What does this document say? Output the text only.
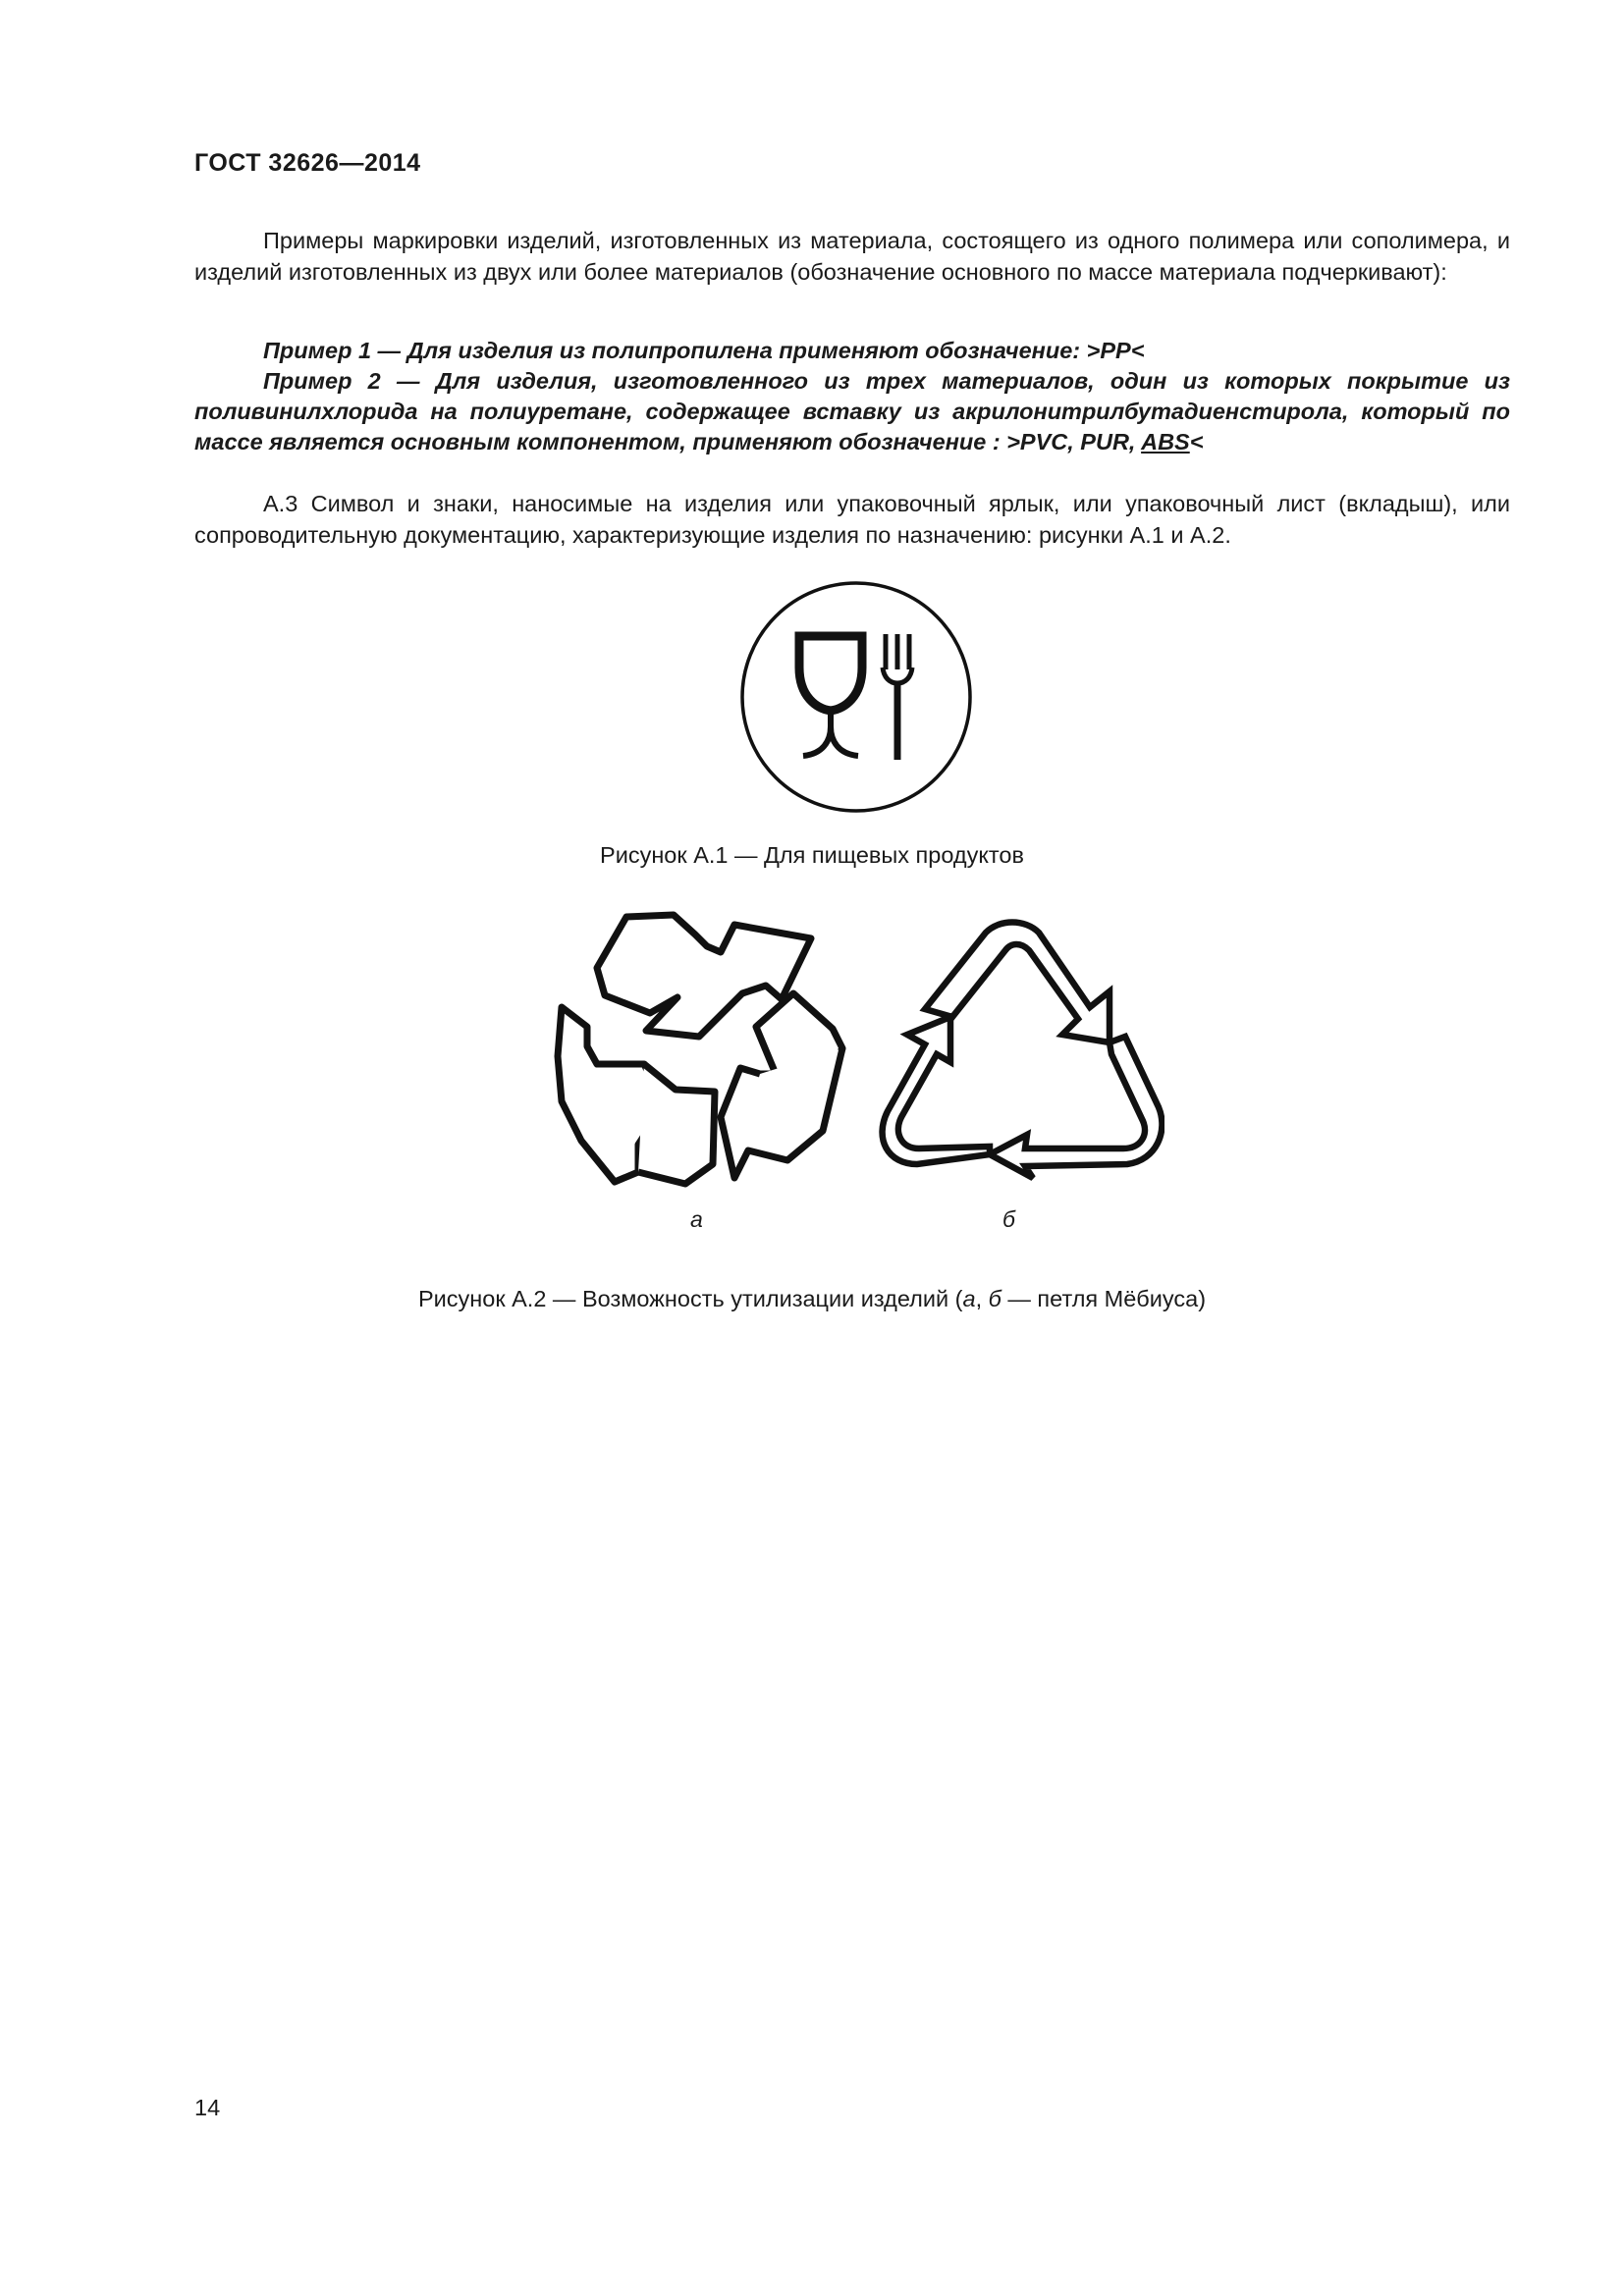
ГОСТ 32626—2014
Примеры маркировки изделий, изготовленных из материала, состоящего из одного полимера или сополимера, и изделий изготовленных из двух или более материалов (обозначение основного по массе материала подчеркивают):
Пример 1 — Для изделия из полипропилена применяют обозначение: >PP<
Пример 2 — Для изделия, изготовленного из трех материалов, один из которых покрытие из поливинилхлорида на полиуретане, содержащее вставку из акрилонитрилбутадиенстирола, который по массе является основным компонентом, применяют обозначение : >PVC, PUR, ABS<
А.3 Символ и знаки, наносимые на изделия или упаковочный ярлык, или упаковочный лист (вкладыш), или сопроводительную документацию, характеризующие изделия по назначению: рисунки А.1 и А.2.
Рисунок А.1 — Для пищевых продуктов
а	б
Рисунок А.2 — Возможность утилизации изделий (а, б — петля Мёбиуса)
14
